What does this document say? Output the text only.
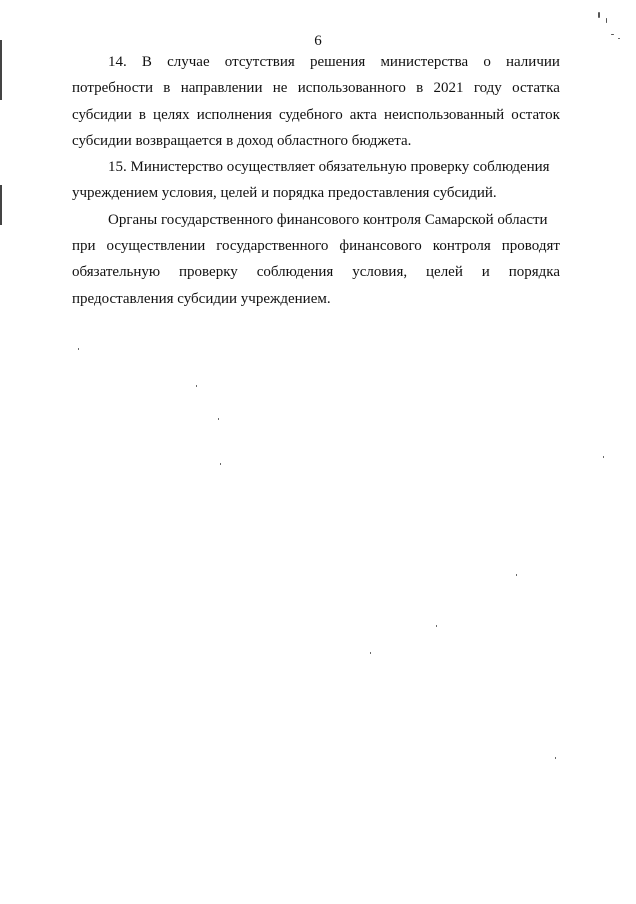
6

14. В случае отсутствия решения министерства о наличии
потребности в направлении не использованного в 2021 году остатка
субсидии в целях исполнения судебного акта неиспользованный остаток
субсидии возвращается в доход областного бюджета.

15. Министерство осуществляет обязательную проверку соблюдения
учреждением условия, целей и порядка предоставления субсидий.

Органы государственного финансового контроля Самарской области
при осуществлении государственного финансового контроля проводят
обязательную проверку соблюдения условия, целей и порядка
предоставления субсидии учреждением.
